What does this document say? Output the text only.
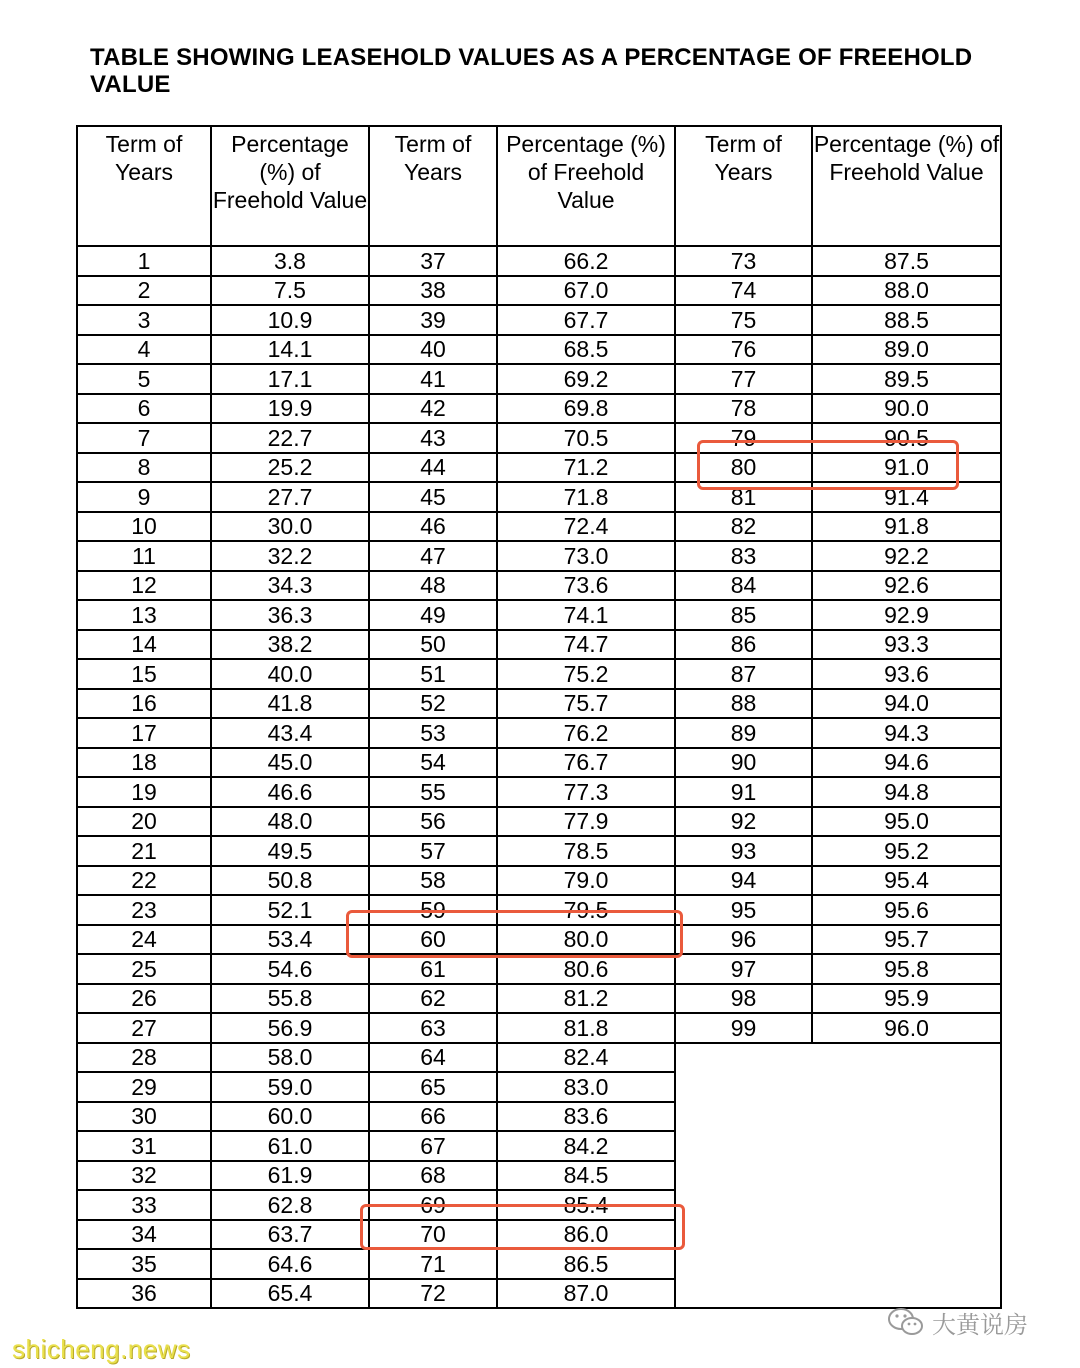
TABLE SHOWING LEASEHOLD VALUES AS A PERCENTAGE OF FREEHOLD VALUE
Term of Years	Percentage (%) of Freehold Value	Term of Years	Percentage (%) of Freehold Value	Term of Years	Percentage (%) of Freehold Value
1	3.8	37	66.2	73	87.5
2	7.5	38	67.0	74	88.0
3	10.9	39	67.7	75	88.5
4	14.1	40	68.5	76	89.0
5	17.1	41	69.2	77	89.5
6	19.9	42	69.8	78	90.0
7	22.7	43	70.5	79	90.5
8	25.2	44	71.2	80	91.0
9	27.7	45	71.8	81	91.4
10	30.0	46	72.4	82	91.8
11	32.2	47	73.0	83	92.2
12	34.3	48	73.6	84	92.6
13	36.3	49	74.1	85	92.9
14	38.2	50	74.7	86	93.3
15	40.0	51	75.2	87	93.6
16	41.8	52	75.7	88	94.0
17	43.4	53	76.2	89	94.3
18	45.0	54	76.7	90	94.6
19	46.6	55	77.3	91	94.8
20	48.0	56	77.9	92	95.0
21	49.5	57	78.5	93	95.2
22	50.8	58	79.0	94	95.4
23	52.1	59	79.5	95	95.6
24	53.4	60	80.0	96	95.7
25	54.6	61	80.6	97	95.8
26	55.8	62	81.2	98	95.9
27	56.9	63	81.8	99	96.0
28	58.0	64	82.4		
29	59.0	65	83.0		
30	60.0	66	83.6		
31	61.0	67	84.2		
32	61.9	68	84.5		
33	62.8	69	85.4		
34	63.7	70	86.0		
35	64.6	71	86.5		
36	65.4	72	87.0		
shicheng.news
大黄说房
